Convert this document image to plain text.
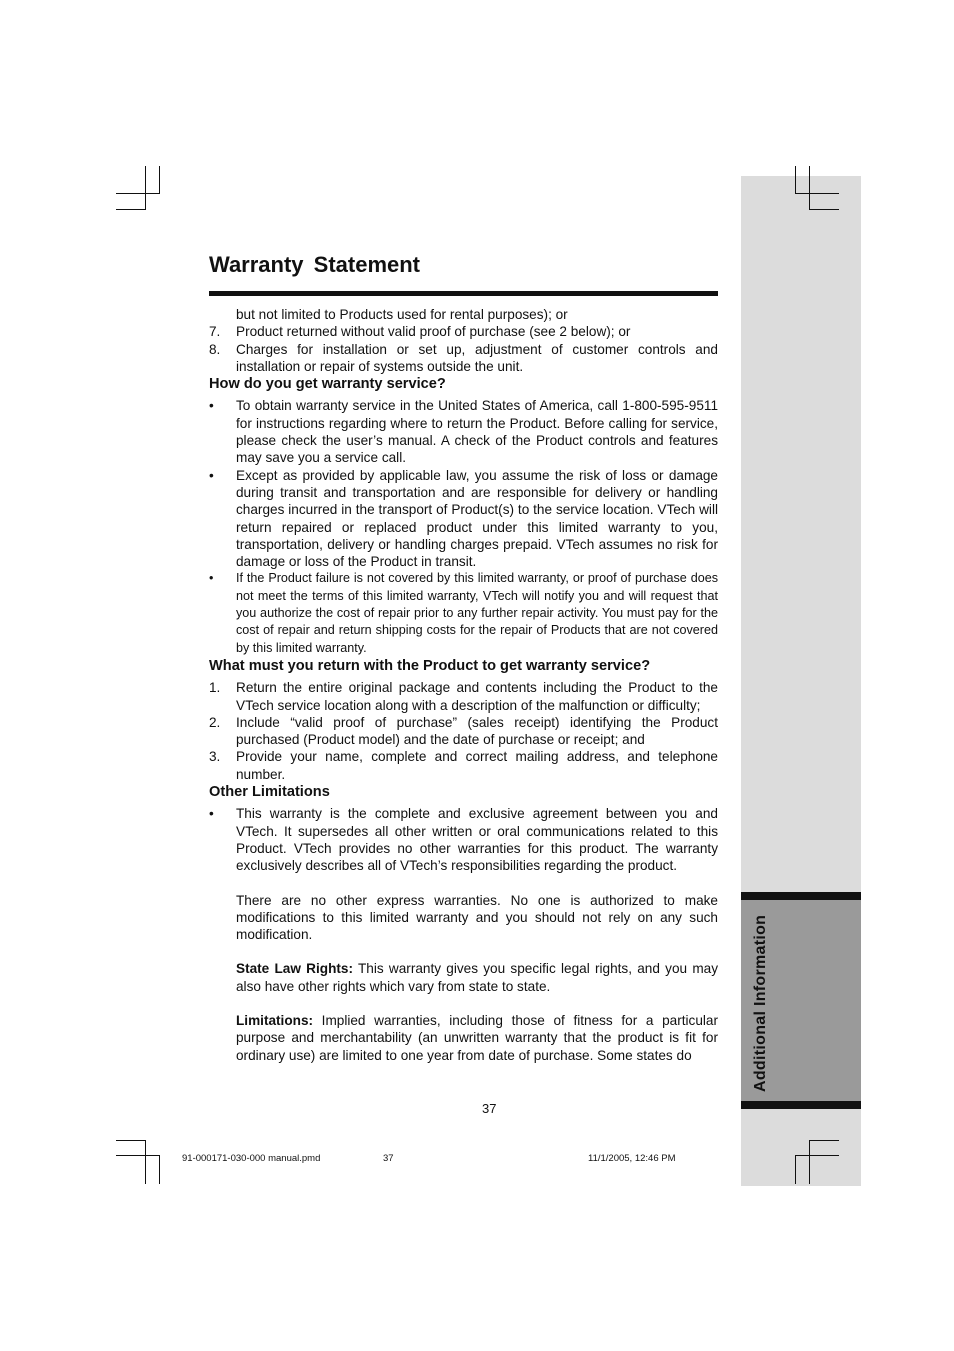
Additional Information
Warranty Statement
but not limited to Products used for rental purposes); or
7. Product returned without valid proof of purchase (see 2 below); or
8. Charges for installation or set up, adjustment of customer controls and installation or repair of systems outside the unit.
How do you get warranty service?
• To obtain warranty service in the United States of America, call 1-800-595-9511 for instructions regarding where to return the Product. Before calling for service, please check the user’s manual. A check of the Product controls and features may save you a service call.
• Except as provided by applicable law, you assume the risk of loss or damage during transit and transportation and are responsible for delivery or handling charges incurred in the transport of Product(s) to the service location. VTech will return repaired or replaced product under this limited warranty to you, transportation, delivery or handling charges prepaid. VTech assumes no risk for damage or loss of the Product in transit.
• If the Product failure is not covered by this limited warranty, or proof of purchase does not meet the terms of this limited warranty, VTech will notify you and will request that you authorize the cost of repair prior to any further repair activity. You must pay for the cost of repair and return shipping costs for the repair of Products that are not covered by this limited warranty.
What must you return with the Product to get warranty service?
1. Return the entire original package and contents including the Product to the VTech service location along with a description of the malfunction or difficulty;
2. Include “valid proof of purchase” (sales receipt) identifying the Product purchased (Product model) and the date of purchase or receipt; and
3. Provide your name, complete and correct mailing address, and telephone number.
Other Limitations
• This warranty is the complete and exclusive agreement between you and VTech. It supersedes all other written or oral communications related to this Product. VTech provides no other warranties for this product. The warranty exclusively describes all of VTech’s responsibilities regarding the product.
There are no other express warranties. No one is authorized to make modifications to this limited warranty and you should not rely on any such modification.
State Law Rights: This warranty gives you specific legal rights, and you may also have other rights which vary from state to state.
Limitations: Implied warranties, including those of fitness for a particular purpose and merchantability (an unwritten warranty that the product is fit for ordinary use) are limited to one year from date of purchase. Some states do
37
91-000171-030-000 manual.pmd	37	11/1/2005, 12:46 PM
